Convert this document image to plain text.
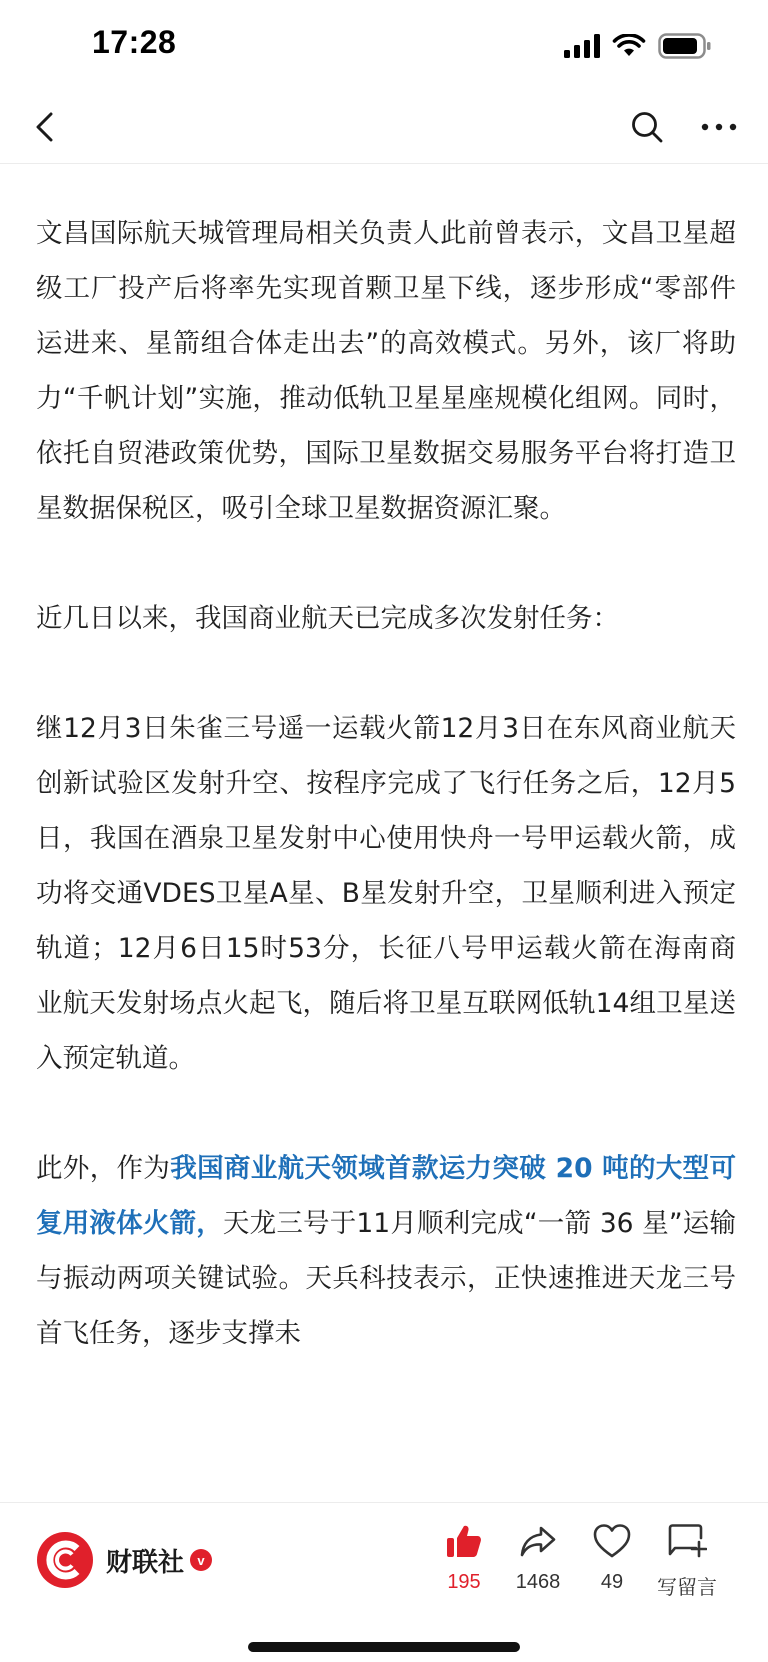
17:28

文昌国际航天城管理局相关负责人此前曾表示，文昌卫星超级工厂投产后将率先实现首颗卫星下线，逐步形成“零部件运进来、星箭组合体走出去”的高效模式。另外，该厂将助力“千帆计划”实施，推动低轨卫星星座规模化组网。同时，依托自贸港政策优势，国际卫星数据交易服务平台将打造卫星数据保税区，吸引全球卫星数据资源汇聚。

近几日以来，我国商业航天已完成多次发射任务：

继12月3日朱雀三号遥一运载火箭12月3日在东风商业航天创新试验区发射升空、按程序完成了飞行任务之后，12月5日，我国在酒泉卫星发射中心使用快舟一号甲运载火箭，成功将交通VDES卫星A星、B星发射升空，卫星顺利进入预定轨道；12月6日15时53分，长征八号甲运载火箭在海南商业航天发射场点火起飞，随后将卫星互联网低轨14组卫星送入预定轨道。

此外，作为我国商业航天领域首款运力突破 20 吨的大型可复用液体火箭，天龙三号于11月顺利完成“一箭 36 星”运输与振动两项关键试验。天兵科技表示，正快速推进天龙三号首飞任务，逐步支撑未

财联社	v
195 1468 49 写留言
